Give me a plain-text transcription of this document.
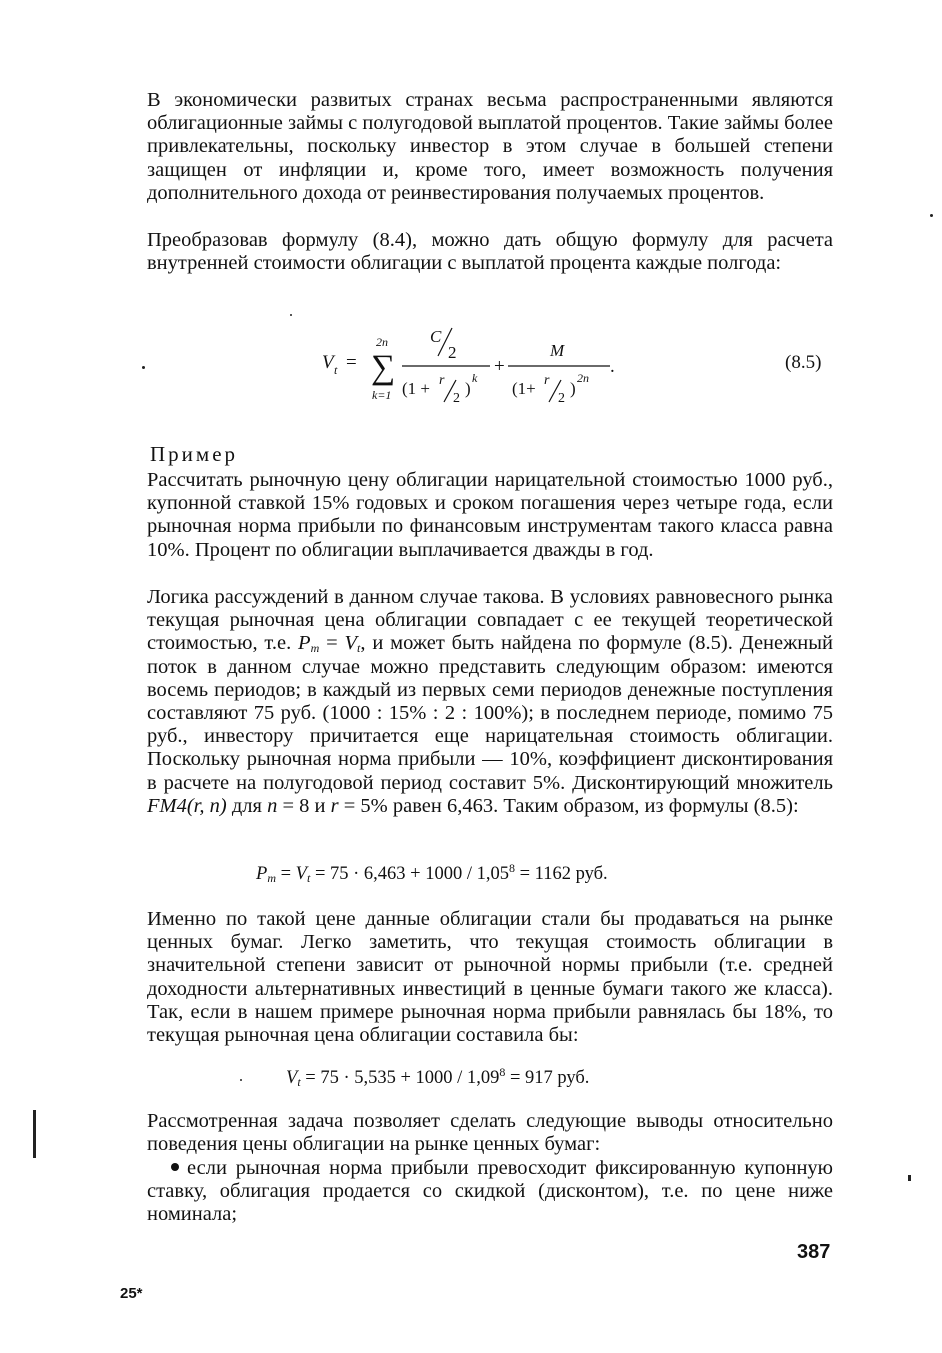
В экономически развитых странах весьма распространенными являются облигационные займы с полугодовой выплатой процентов. Такие займы более привлекательны, поскольку инвестор в этом случае в большей степени защищен от инфляции и, кроме того, имеет возможность получения дополнительного дохода от реинвестирования получаемых процентов.

Преобразовав формулу (8.4), можно дать общую формулу для расчета внутренней стоимости облигации с выплатой процента каждые полгода:

V t =
2n
∑
k=1
C
2
(1 + r
2
)
k
+
M
(1+ r
2
)
2n
.	(8.5)
Пример

Рассчитать рыночную цену облигации нарицательной стоимостью 1000 руб., купонной ставкой 15% годовых и сроком погашения через четыре года, если рыночная норма прибыли по финансовым инструментам такого класса равна 10%. Процент по облигации выплачивается дважды в год.

Логика рассуждений в данном случае такова. В условиях равновесного рынка текущая рыночная цена облигации совпадает с ее текущей теоретической стоимостью, т.е. $P_m = V_t$, и может быть найдена по формуле (8.5). Денежный поток в данном случае можно представить следующим образом: имеются восемь периодов; в каждый из первых семи периодов денежные поступления составляют 75 руб. (1000 : 15% : 2 : 100%); в последнем периоде, помимо 75 руб., инвестору причитается еще нарицательная стоимость облигации. Поскольку рыночная норма прибыли — 10%, коэффициент дисконтирования в расчете на полугодовой период составит 5%. Дисконтирующий множитель FM4(r, n) для n = 8 и r = 5% равен 6,463. Таким образом, из формулы (8.5):

$P_m = V_t = 75 \cdot 6,463 + 1000 / 1,05^8 = 1162$ руб.

Именно по такой цене данные облигации стали бы продаваться на рынке ценных бумаг. Легко заметить, что текущая стоимость облигации в значительной степени зависит от рыночной нормы прибыли (т.е. средней доходности альтернативных инвестиций в ценные бумаги такого же класса). Так, если в нашем примере рыночная норма прибыли равнялась бы 18%, то текущая рыночная цена облигации составила бы:

$V_t = 75 \cdot 5,535 + 1000 / 1,09^8 = 917$ руб.

Рассмотренная задача позволяет сделать следующие выводы относительно поведения цены облигации на рынке ценных бумаг:

если рыночная норма прибыли превосходит фиксированную купонную ставку, облигация продается со скидкой (дисконтом), т.е. по цене ниже номинала;

387
25*
